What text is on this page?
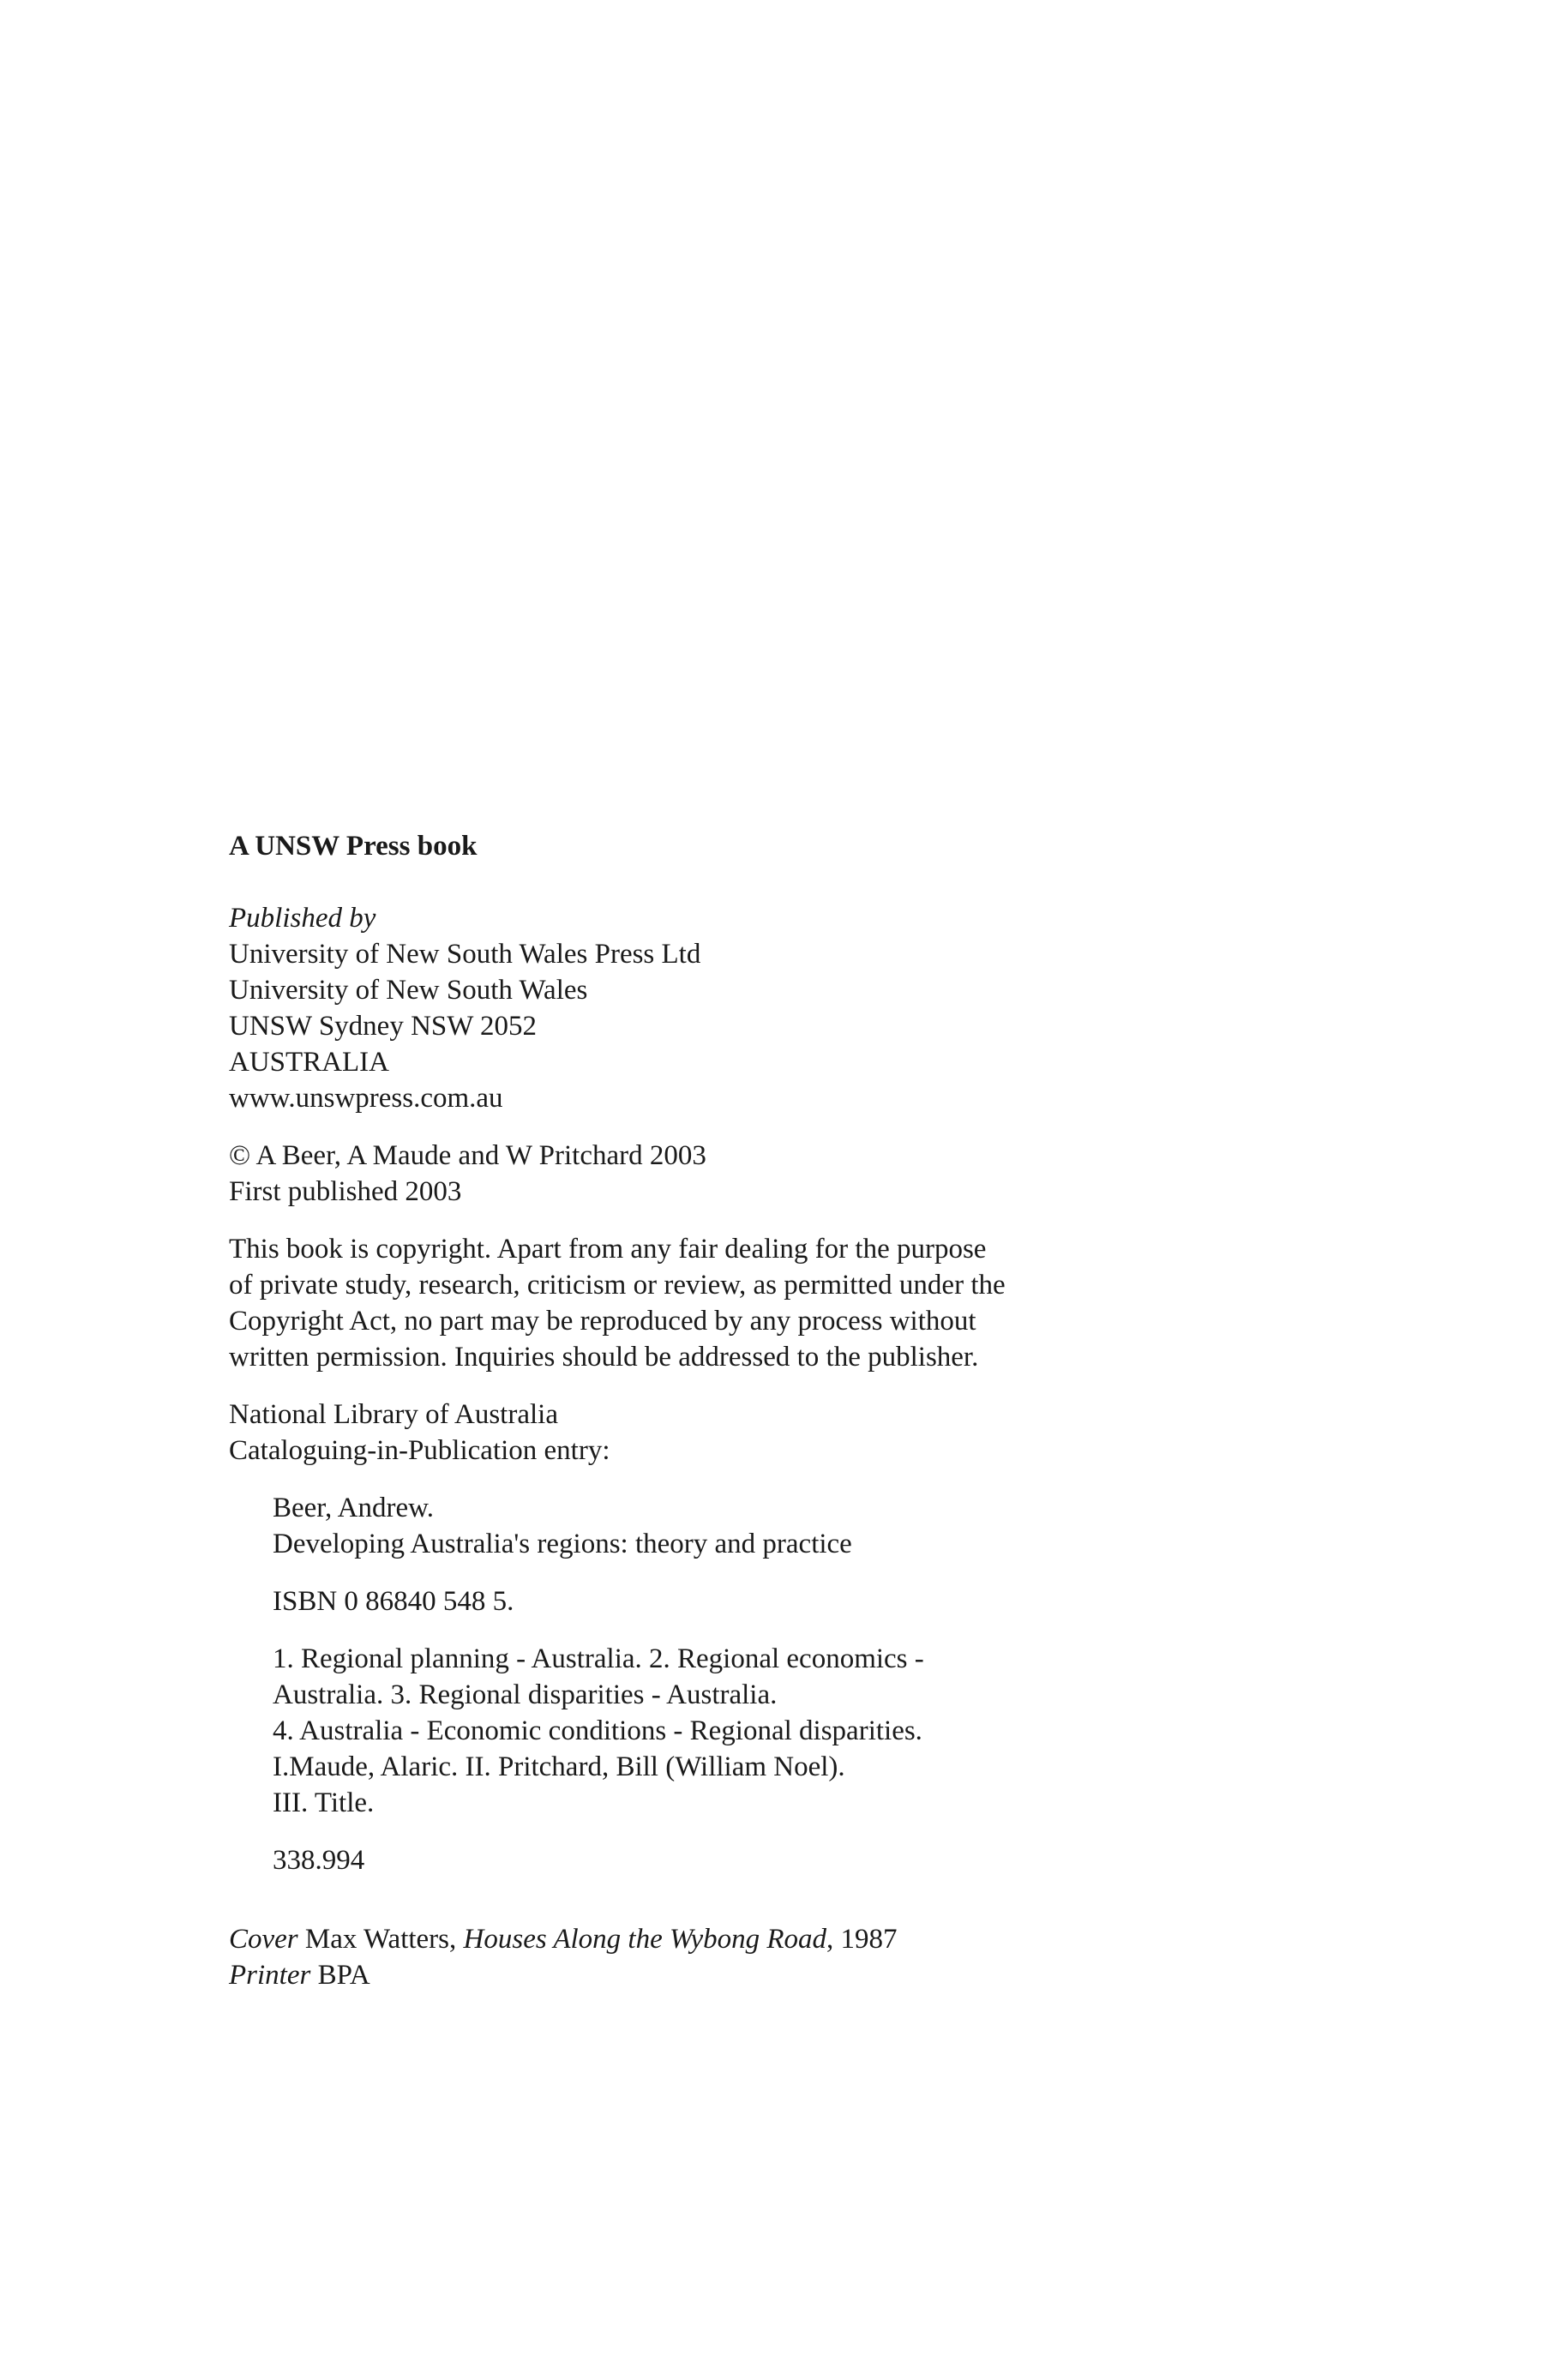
A UNSW Press book
Published by
University of New South Wales Press Ltd
University of New South Wales
UNSW Sydney NSW 2052
AUSTRALIA
www.unswpress.com.au
© A Beer, A Maude and W Pritchard 2003
First published 2003
This book is copyright. Apart from any fair dealing for the purpose
of private study, research, criticism or review, as permitted under the
Copyright Act, no part may be reproduced by any process without
written permission. Inquiries should be addressed to the publisher.
National Library of Australia
Cataloguing-in-Publication entry:
Beer, Andrew.
Developing Australia's regions: theory and practice
ISBN 0 86840 548 5.
1. Regional planning - Australia. 2. Regional economics -
Australia. 3. Regional disparities - Australia.
4. Australia - Economic conditions - Regional disparities.
I.Maude, Alaric. II. Pritchard, Bill (William Noel).
III. Title.
338.994
Cover Max Watters, Houses Along the Wybong Road, 1987
Printer BPA
